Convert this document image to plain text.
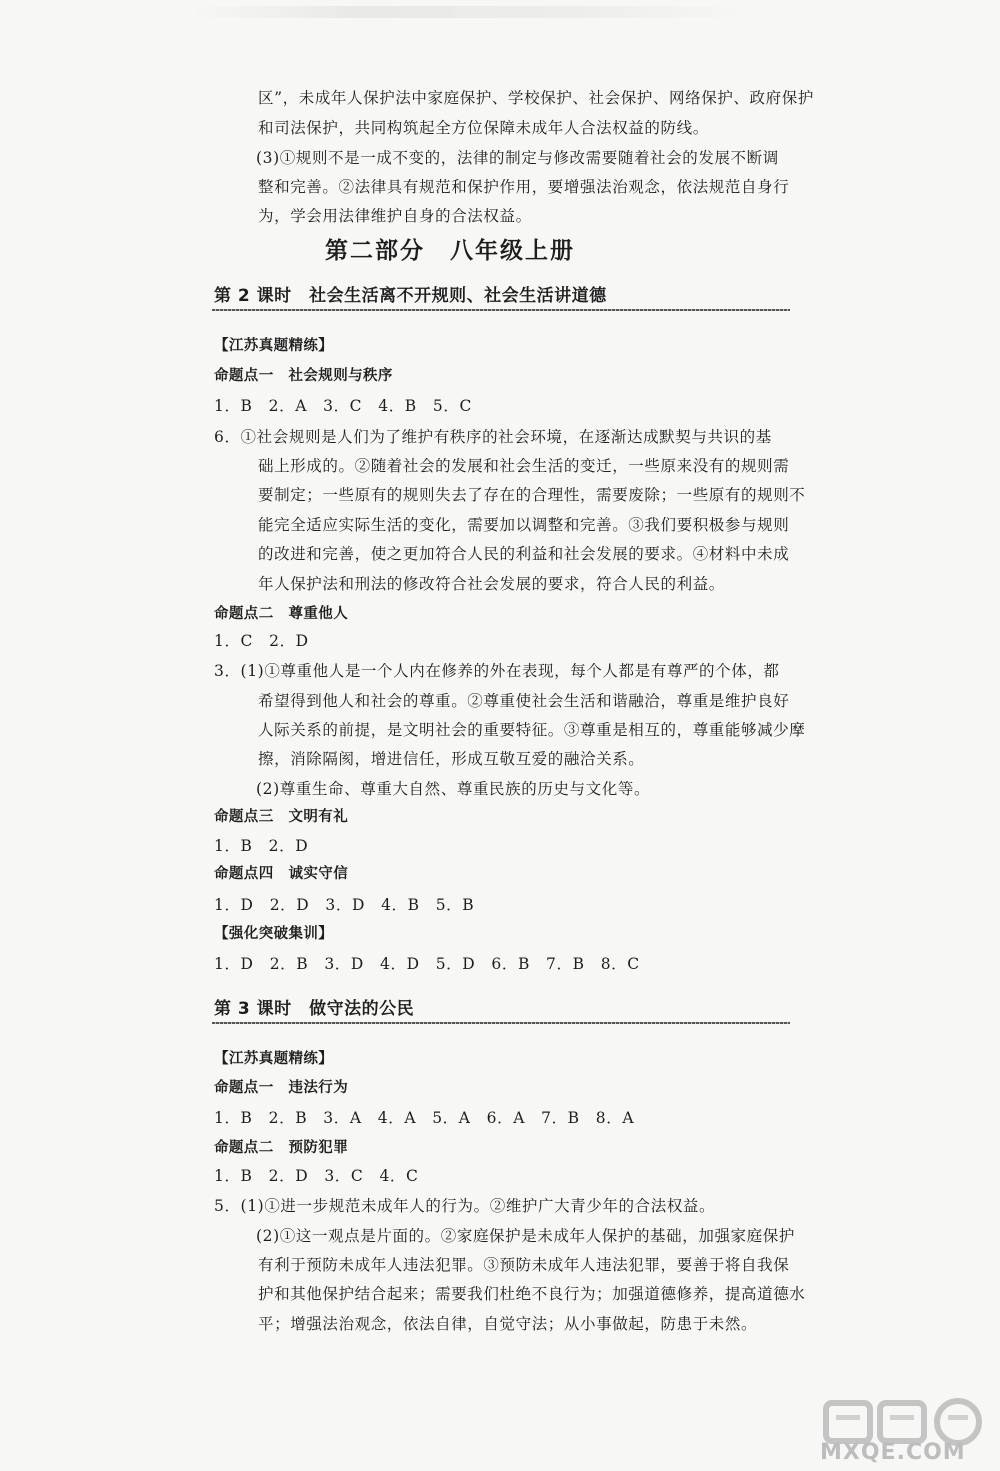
区”，未成年人保护法中家庭保护、学校保护、社会保护、网络保护、政府保护
和司法保护，共同构筑起全方位保障未成年人合法权益的防线。
(3)①规则不是一成不变的，法律的制定与修改需要随着社会的发展不断调
整和完善。②法律具有规范和保护作用，要增强法治观念，依法规范自身行
为，学会用法律维护自身的合法权益。
第二部分　八年级上册
第 2 课时　社会生活离不开规则、社会生活讲道德
【江苏真题精练】
命题点一　社会规则与秩序
1．B　2．A　3．C　4．B　5．C
6．①社会规则是人们为了维护有秩序的社会环境，在逐渐达成默契与共识的基
础上形成的。②随着社会的发展和社会生活的变迁，一些原来没有的规则需
要制定；一些原有的规则失去了存在的合理性，需要废除；一些原有的规则不
能完全适应实际生活的变化，需要加以调整和完善。③我们要积极参与规则
的改进和完善，使之更加符合人民的利益和社会发展的要求。④材料中未成
年人保护法和刑法的修改符合社会发展的要求，符合人民的利益。
命题点二　尊重他人
1．C　2．D
3．(1)①尊重他人是一个人内在修养的外在表现，每个人都是有尊严的个体，都
希望得到他人和社会的尊重。②尊重使社会生活和谐融洽，尊重是维护良好
人际关系的前提，是文明社会的重要特征。③尊重是相互的，尊重能够减少摩
擦，消除隔阂，增进信任，形成互敬互爱的融洽关系。
(2)尊重生命、尊重大自然、尊重民族的历史与文化等。
命题点三　文明有礼
1．B　2．D
命题点四　诚实守信
1．D　2．D　3．D　4．B　5．B
【强化突破集训】
1．D　2．B　3．D　4．D　5．D　6．B　7．B　8．C
第 3 课时　做守法的公民
【江苏真题精练】
命题点一　违法行为
1．B　2．B　3．A　4．A　5．A　6．A　7．B　8．A
命题点二　预防犯罪
1．B　2．D　3．C　4．C
5．(1)①进一步规范未成年人的行为。②维护广大青少年的合法权益。
(2)①这一观点是片面的。②家庭保护是未成年人保护的基础，加强家庭保护
有利于预防未成年人违法犯罪。③预防未成年人违法犯罪，要善于将自我保
护和其他保护结合起来；需要我们杜绝不良行为；加强道德修养，提高道德水
平；增强法治观念，依法自律，自觉守法；从小事做起，防患于未然。
MXQE.COM
